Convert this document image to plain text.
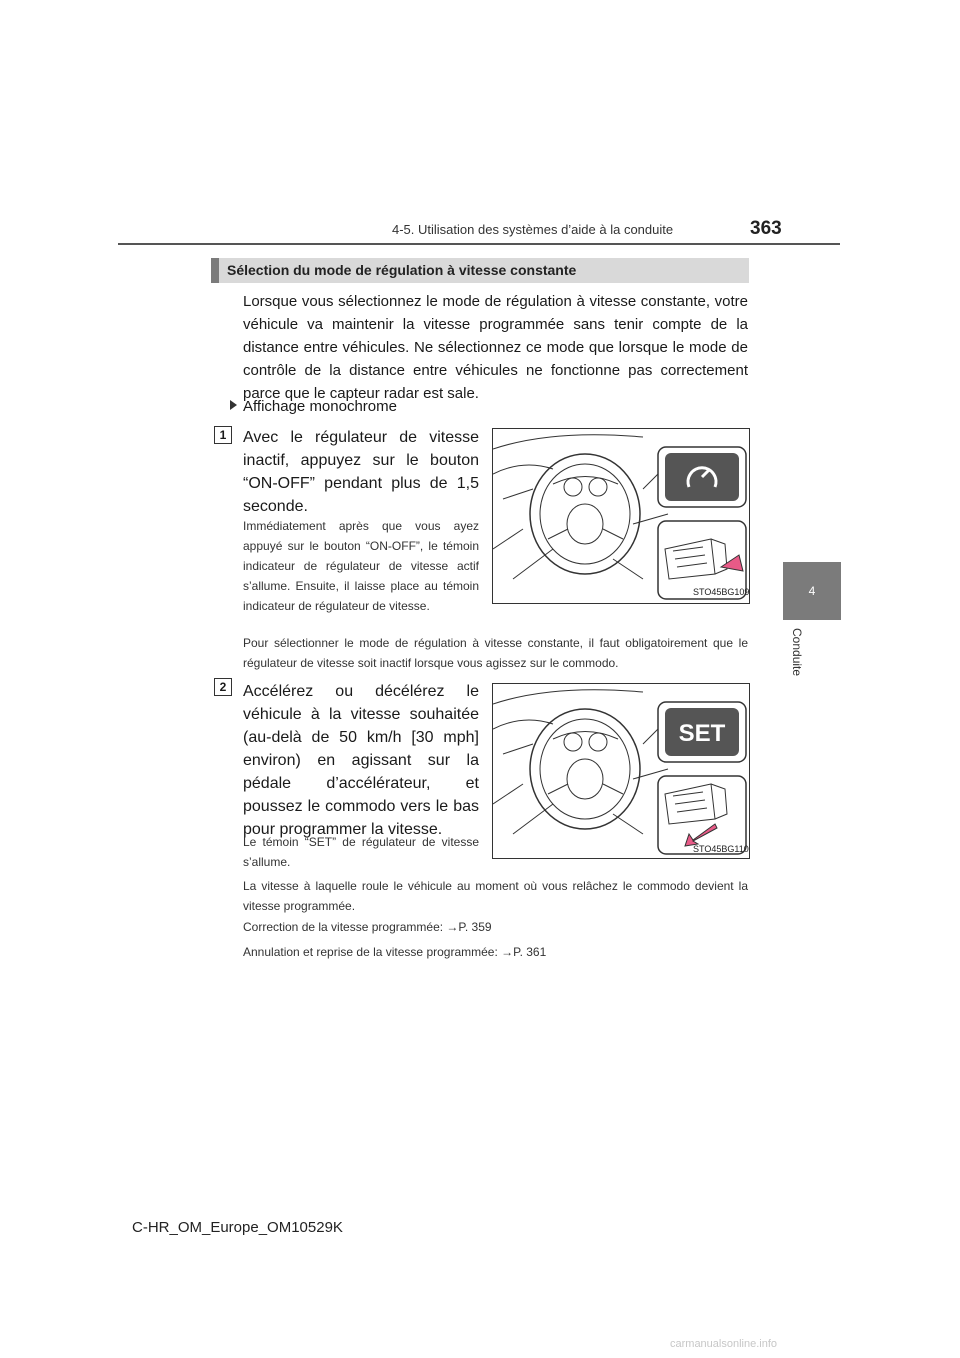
4-5. Utilisation des systèmes d’aide à la conduite	363
4
Conduite
Sélection du mode de régulation à vitesse constante
Lorsque vous sélectionnez le mode de régulation à vitesse constante, votre véhicule va maintenir la vitesse programmée sans tenir compte de la distance entre véhicules. Ne sélectionnez ce mode que lorsque le mode de contrôle de la distance entre véhicules ne fonctionne pas correctement parce que le capteur radar est sale.
Affichage monochrome
1	Avec le régulateur de vitesse inactif, appuyez sur le bouton “ON-OFF” pendant plus de 1,5 seconde.
Immédiatement après que vous ayez appuyé sur le bouton “ON-OFF”, le témoin indicateur de régulateur de vitesse actif s’allume. Ensuite, il laisse place au témoin indicateur de régulateur de vitesse.
STO45BG109
Pour sélectionner le mode de régulation à vitesse constante, il faut obligatoirement que le régulateur de vitesse soit inactif lorsque vous agissez sur le commodo.
2	Accélérez ou décélérez le véhicule à la vitesse souhaitée (au-delà de 50 km/h [30 mph] environ) en agissant sur la pédale d’accélérateur, et poussez le commodo vers le bas pour programmer la vitesse.
Le témoin “SET” de régulateur de vitesse s’allume.
SET
STO45BG110
La vitesse à laquelle roule le véhicule au moment où vous relâchez le commodo devient la vitesse programmée.
Correction de la vitesse programmée: →P. 359
Annulation et reprise de la vitesse programmée: →P. 361
C-HR_OM_Europe_OM10529K
carmanualsonline.info
